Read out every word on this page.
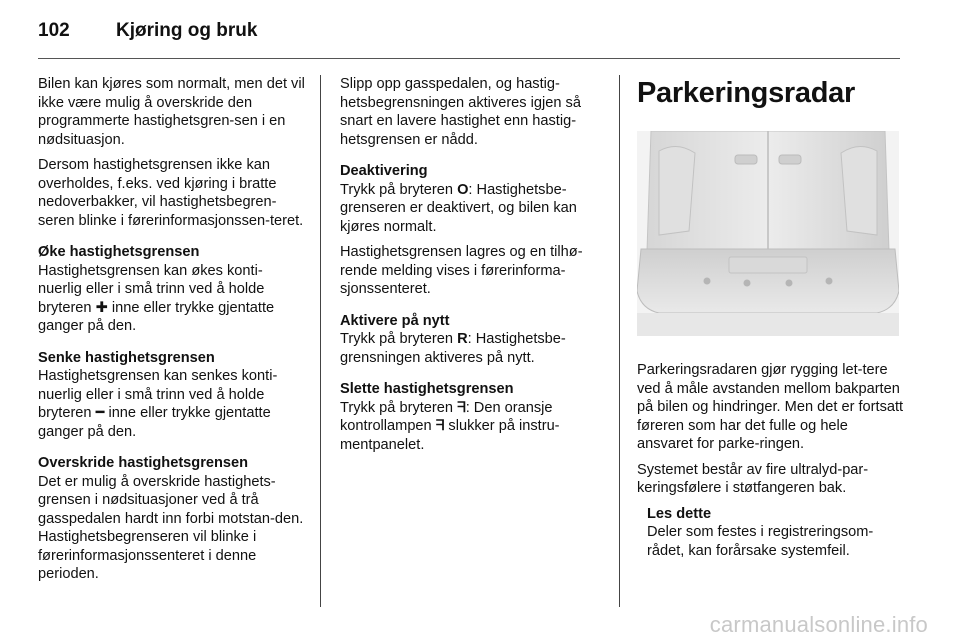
102 Kjøring og bruk

Bilen kan kjøres som normalt, men det vil ikke være mulig å overskride den programmerte hastighetsgren-sen i en nødsituasjon.

Dersom hastighetsgrensen ikke kan overholdes, f.eks. ved kjøring i bratte nedoverbakker, vil hastighetsbegren-seren blinke i førerinformasjonssen-teret.

Øke hastighetsgrensen

Hastighetsgrensen kan økes konti-nuerlig eller i små trinn ved å holde bryteren ✚ inne eller trykke gjentatte ganger på den.

Senke hastighetsgrensen

Hastighetsgrensen kan senkes konti-nuerlig eller i små trinn ved å holde bryteren ━ inne eller trykke gjentatte ganger på den.

Overskride hastighetsgrensen

Det er mulig å overskride hastighets-grensen i nødsituasjoner ved å trå gasspedalen hardt inn forbi motstan-den. Hastighetsbegrenseren vil blinke i førerinformasjonssenteret i denne perioden.

Slipp opp gasspedalen, og hastig-hetsbegrensningen aktiveres igjen så snart en lavere hastighet enn hastig-hetsgrensen er nådd.

Deaktivering

Trykk på bryteren O: Hastighetsbe-grenseren er deaktivert, og bilen kan kjøres normalt.

Hastighetsgrensen lagres og en tilhø-rende melding vises i førerinforma-sjonssenteret.

Aktivere på nytt

Trykk på bryteren R: Hastighetsbe-grensningen aktiveres på nytt.

Slette hastighetsgrensen

Trykk på bryteren ᖷ: Den oransje kontrollampen ᖷ slukker på instru-mentpanelet.

Parkeringsradar

Parkeringsradaren gjør rygging let-tere ved å måle avstanden mellom bakparten på bilen og hindringer. Men det er fortsatt føreren som har det fulle og hele ansvaret for parke-ringen.

Systemet består av fire ultralyd-par-keringsfølere i støtfangeren bak.

Les dette
Deler som festes i registreringsom-rådet, kan forårsake systemfeil.
carmanualsonline.info
